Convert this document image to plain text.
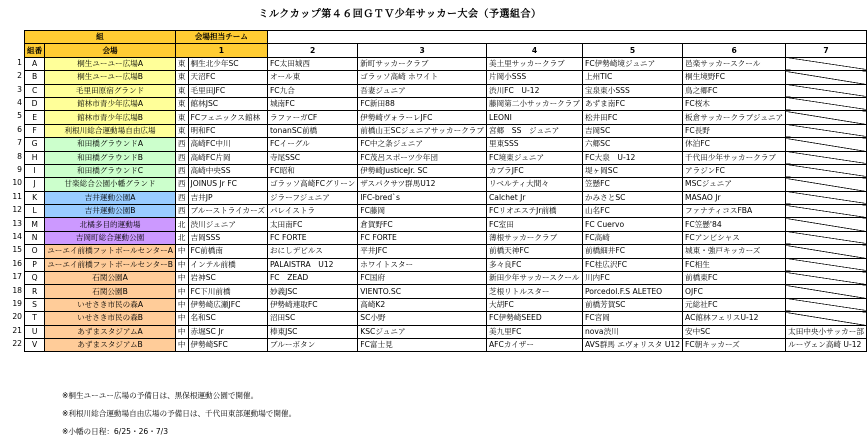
ミルクカップ第４６回ＧＴＶ少年サッカー大会（予選組合）
組		会場担当チーム							
組番	会場	1		2	3	4	5	6	7
A	桐生ユーユー広場A	東	桐生北少年SC	FC太田城西	新町サッカークラブ	美土里サッカークラブ	FC伊勢崎境ジュニア	邑楽サッカースクール	
B	桐生ユーユー広場B	東	天沼FC	オール東	ゴラッソ高崎 ホワイト	片岡小SSS	上州TIC	桐生境野FC	
C	毛里田原宿グランド	東	毛里田JFC	FC九合	吾妻ジュニア	渋川FC　U-12	宝泉東小SSS	鳥之郷FC	
D	館林市青少年広場A	東	館林JSC	城南FC	FC新田88	藤岡第二小サッカークラブ	あずま南FC	FC桜木	
E	館林市青少年広場B	東	FCフェニックス館林	ラファーガCF	伊勢崎ヴォラーレJFC	LEONI	松井田FC	板倉サッカークラブジュニア	
F	利根川総合運動場自由広場	東	明和FC	tonanSC前橋	前橋山王SCジュニアサッカークラブ	宮郷　SS　ジュニア	吉岡SC	FC長野	
G	和田橋グラウンドA	西	高崎FC中川	FCイーグル	FC中之条ジュニア	里東SSS	六郷SC	休泊FC	
H	和田橋グラウンドB	西	高崎FC片岡	寺尾SSC	FC茂呂スポーツ少年団	FC境東ジュニア	FC大泉　U-12	千代田少年サッカークラブ	
I	和田橋グラウンドC	西	高崎中央SS	FC昭和	伊勢崎JusticeJr. SC	カブラJFC	堤ヶ岡SC	アラジンFC	
J	甘楽総合公園小幡グランド	西	JOINUS Jr FC	ゴラッソ高崎FCグリーン	ザスパクサツ群馬U12	リベルティ大間々	笠懸FC	MSCジュニア	
K	吉井運動公園A	西	吉井JP	ジラーフジュニア	IFC-bred`s	Calchet Jr	かみさとSC	MASAO Jr	
L	吉井運動公園B	西	ブルーストライカーズ	パレイストラ	FC藤岡	FCリオエステJr前橋	山名FC	ファナティコスFBA	
M	北橘多目的運動場	北	渋川ジュニア	太田南FC	倉賀野FC	FC室田	FC Cuervo	FC笠懸'84	
N	吉岡町総合運動公園	北	吉岡SSS	FC FORTE	FC FORTE	薄根サッカークラブ	FC高崎	FCアンビシャス	
O	ユーエイ前橋フットボールセンターA	中	FC前橋南	おにしデビルス	平井JFC	前橋天神FC	前橋細井FC	城東・強戸キッカーズ	
P	ユーエイ前橋フットボールセンターB	中	インテル前橋	PALAISTRA　U12	ホワイトスター	多々良FC	FC桂広沢FC	FC相生	
Q	石関公園A	中	岩神SC	FC　ZEAD	FC国府	新田少年サッカースクール	川内FC	前橋東FC	
R	石関公園B	中	FC下川前橋	妙義JSC	VIENTO.SC	芝根リトルスター	Porcedol.F.S ALETEO	OJFC	
S	いせさき市民の森A	中	伊勢崎広瀬JFC	伊勢崎連取FC	高崎K2	大胡FC	前橋芳賀SC	元総社FC	
T	いせさき市民の森B	中	名和SC	沼田SC	SC小野	FC伊勢崎SEED	FC宮岡	AC館林フェリスU-12	
U	あずまスタジアムA	中	赤堀SC Jr	棒東JSC	KSCジュニア	美九里FC	nova渋川	安中SC	太田中央小サッカー部
V	あずまスタジアムB	中	伊勢崎SFC	ブルーボタン	FC富士見	AFCカイザー	AVS群馬 エヴォリスタ U12	FC朝キッカーズ	ルーヴェン高崎 U-12
1
2
3
4
5
6
7
8
9
10
11
12
13
14
15
16
17
18
19
20
21
22
※桐生ユーユー広場の予備日は、黒保根運動公園で開催。
※利根川総合運動場自由広場の予備日は、千代田東部運動場で開催。
※小幡の日程：6/25・26・7/3
